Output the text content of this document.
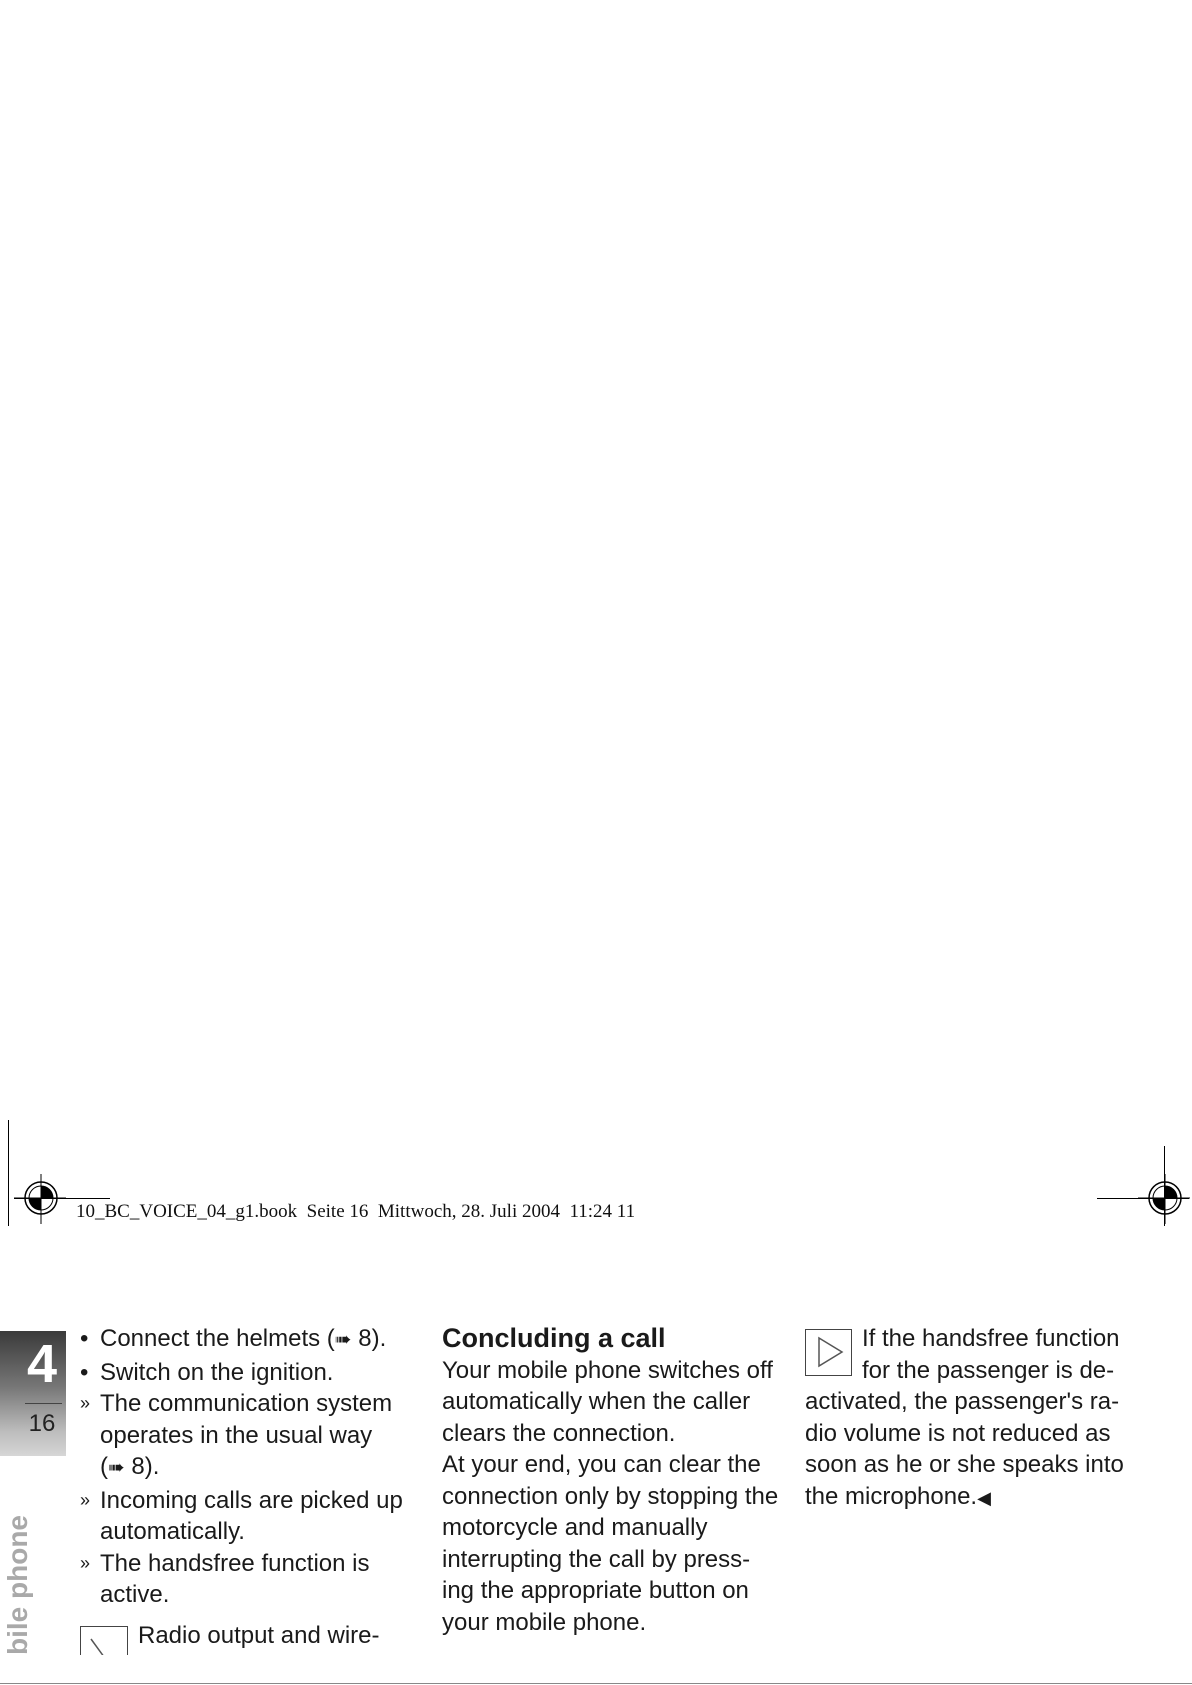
10_BC_VOICE_04_g1.book  Seite 16  Mittwoch, 28. Juli 2004  11:24 11
4
16
bile phone
• Connect the helmets (➠ 8).
• Switch on the ignition.
» The communication system
operates in the usual way
(➠ 8).
» Incoming calls are picked up
automatically.
» The handsfree function is
active.
Radio output and wire-
Concluding a call

Your mobile phone switches off automatically when the caller clears the connection.

At your end, you can clear the connection only by stopping the motorcycle and manually interrupting the call by press-ing the appropriate button on your mobile phone.

If the handsfree function for the passenger is de-activated, the passenger's ra-dio volume is not reduced as soon as he or she speaks into the microphone.◀
